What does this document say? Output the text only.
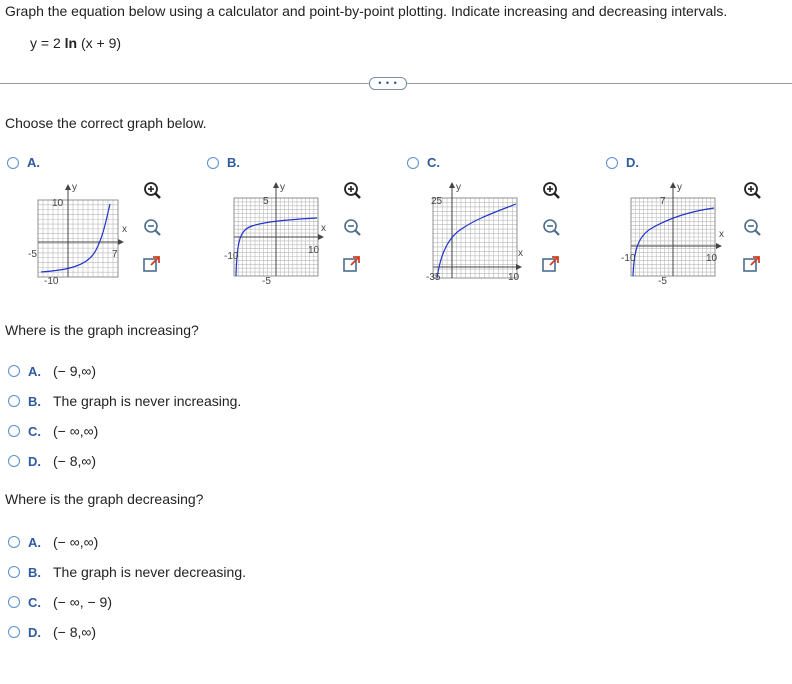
Graph the equation below using a calculator and point-by-point plotting. Indicate increasing and decreasing intervals.
y = 2 ln (x + 9)
• • •
Choose the correct graph below.
A.
10
-10
-5	7
x
y
B.
5
-5
-10
10
x
y
C.
25
-35	10
x
y
D.
7
-5
-10	10
x
y
Where is the graph increasing?
A. (− 9,∞)
B. The graph is never increasing.
C. (− ∞,∞)
D. (− 8,∞)
Where is the graph decreasing?
A. (− ∞,∞)
B. The graph is never decreasing.
C. (− ∞, − 9)
D. (− 8,∞)
